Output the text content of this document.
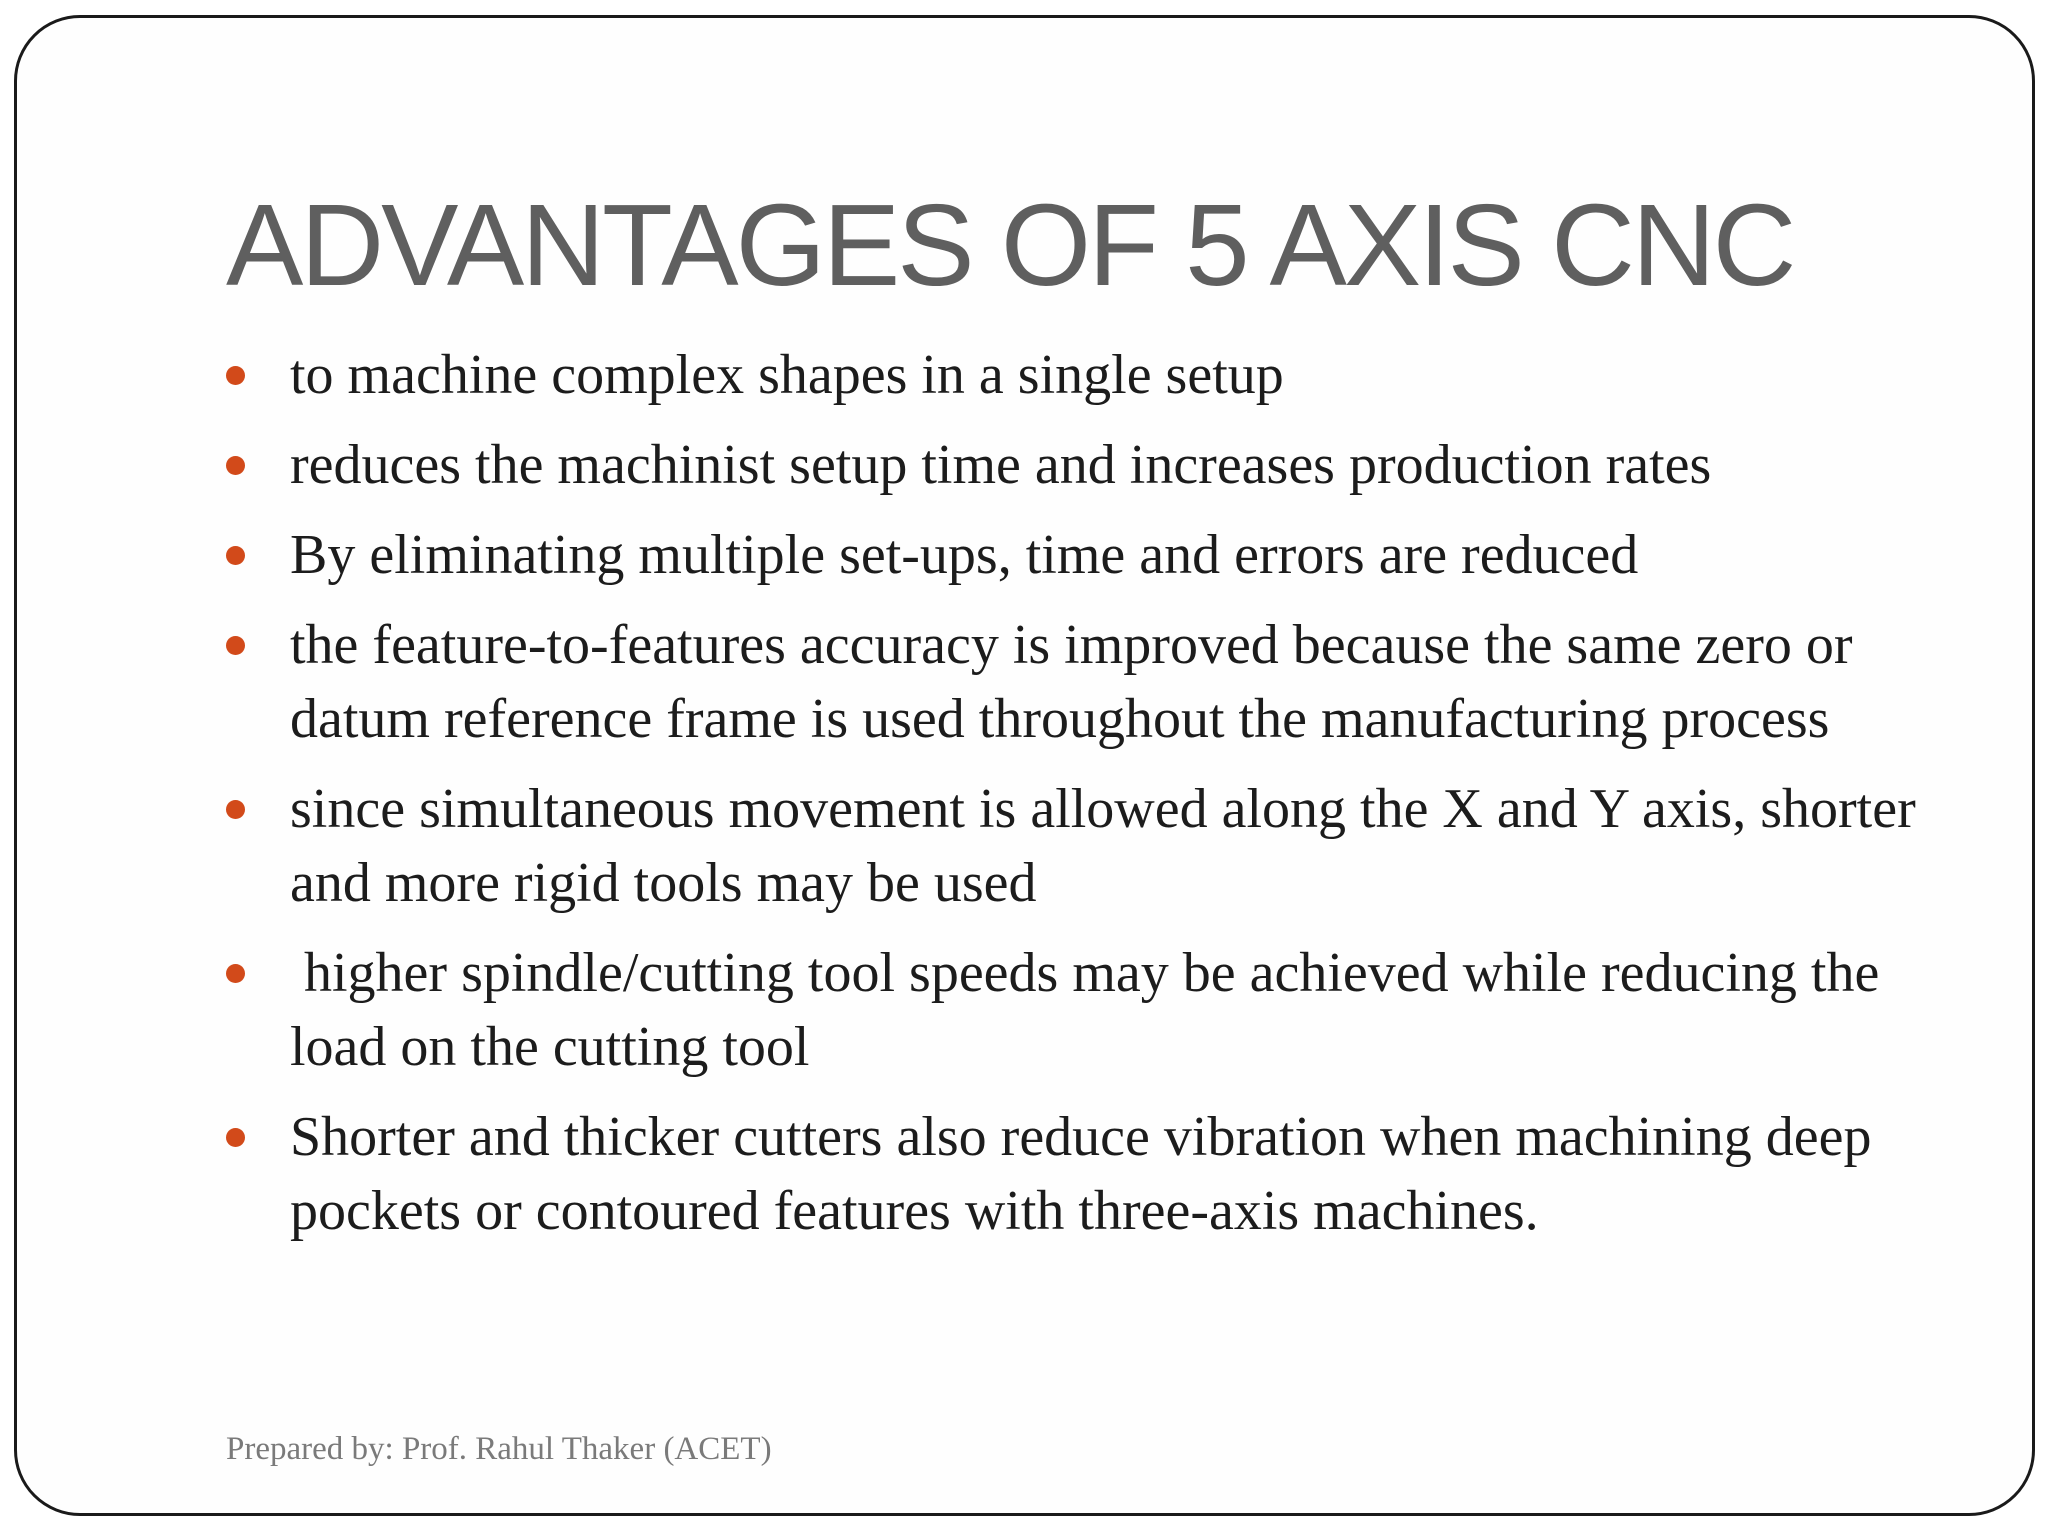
ADVANTAGES OF 5 AXIS CNC
to machine complex shapes in a single setup
reduces the machinist setup time and increases production rates
By eliminating multiple set-ups, time and errors are reduced
the feature-to-features accuracy is improved because the same zero or datum reference frame is used throughout the manufacturing process
since simultaneous movement is allowed along the X and Y axis, shorter and more rigid tools may be used
higher spindle/cutting tool speeds may be achieved while reducing the load on the cutting tool
Shorter and thicker cutters also reduce vibration when machining deep pockets or contoured features with three-axis machines.
Prepared by: Prof. Rahul Thaker (ACET)
